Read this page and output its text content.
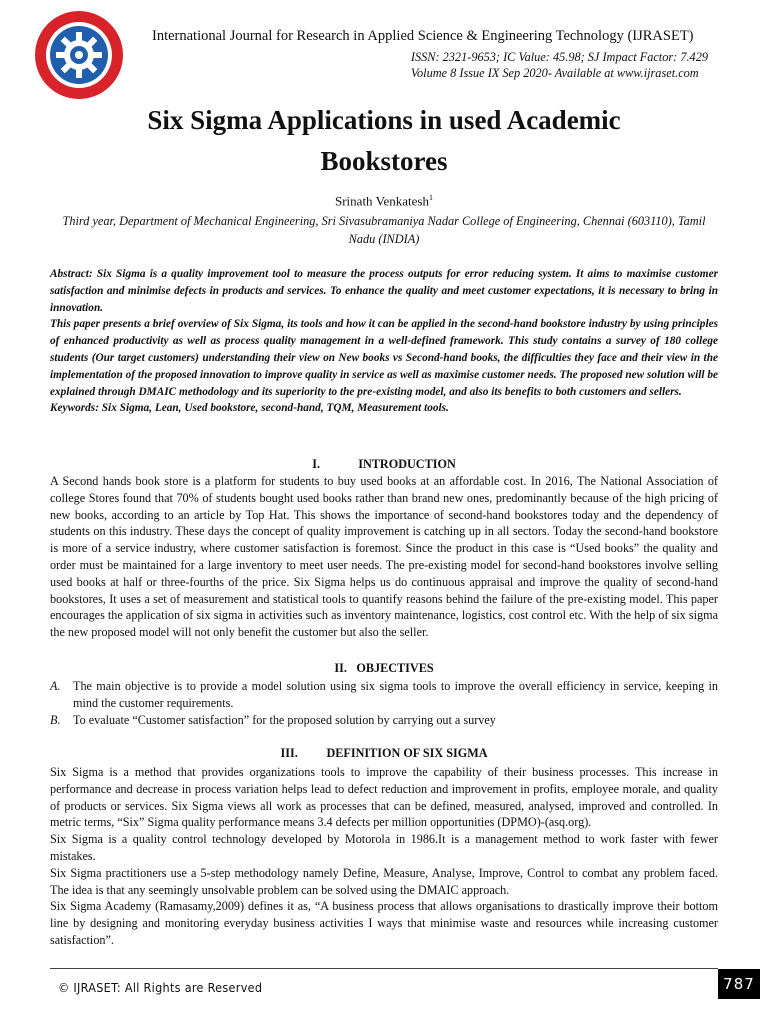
International Journal for Research in Applied Science & Engineering Technology (IJRASET)
ISSN: 2321-9653; IC Value: 45.98; SJ Impact Factor: 7.429
Volume 8 Issue IX Sep 2020- Available at www.ijraset.com
Six Sigma Applications in used Academic
Bookstores
Srinath Venkatesh$^1$
Third year, Department of Mechanical Engineering, Sri Sivasubramaniya Nadar College of Engineering, Chennai (603110), Tamil Nadu (INDIA)

Abstract: Six Sigma is a quality improvement tool to measure the process outputs for error reducing system. It aims to maximise customer satisfaction and minimise defects in products and services. To enhance the quality and meet customer expectations, it is necessary to bring in innovation.

This paper presents a brief overview of Six Sigma, its tools and how it can be applied in the second-hand bookstore industry by using principles of enhanced productivity as well as process quality management in a well-defined framework. This study contains a survey of 180 college students (Our target customers) understanding their view on New books vs Second-hand books, the difficulties they face and their view in the implementation of the proposed innovation to improve quality in service as well as maximise customer needs. The proposed new solution will be explained through DMAIC methodology and its superiority to the pre-existing model, and also its benefits to both customers and sellers.

Keywords: Six Sigma, Lean, Used bookstore, second-hand, TQM, Measurement tools.

I.	INTRODUCTION

A Second hands book store is a platform for students to buy used books at an affordable cost. In 2016, The National Association of college Stores found that 70% of students bought used books rather than brand new ones, predominantly because of the high pricing of new books, according to an article by Top Hat. This shows the importance of second-hand bookstores today and the dependency of students on this industry. These days the concept of quality improvement is catching up in all sectors. Today the second-hand bookstore is more of a service industry, where customer satisfaction is foremost. Since the product in this case is “Used books” the quality and order must be maintained for a large inventory to meet user needs. The pre-existing model for second-hand bookstores involve selling used books at half or three-fourths of the price. Six Sigma helps us do continuous appraisal and improve the quality of second-hand bookstores, It uses a set of measurement and statistical tools to quantify reasons behind the failure of the pre-existing model. This paper encourages the application of six sigma in activities such as inventory maintenance, logistics, cost control etc. With the help of six sigma the new proposed model will not only benefit the customer but also the seller.

II. OBJECTIVES
A.	The main objective is to provide a model solution using six sigma tools to improve the overall efficiency in service, keeping in mind the customer requirements.
B.	To evaluate “Customer satisfaction” for the proposed solution by carrying out a survey
III. DEFINITION OF SIX SIGMA

Six Sigma is a method that provides organizations tools to improve the capability of their business processes. This increase in performance and decrease in process variation helps lead to defect reduction and improvement in profits, employee morale, and quality of products or services. Six Sigma views all work as processes that can be defined, measured, analysed, improved and controlled. In metric terms, “Six” Sigma quality performance means 3.4 defects per million opportunities (DPMO)-(asq.org).

Six Sigma is a quality control technology developed by Motorola in 1986.It is a management method to work faster with fewer mistakes.

Six Sigma practitioners use a 5-step methodology namely Define, Measure, Analyse, Improve, Control to combat any problem faced. The idea is that any seemingly unsolvable problem can be solved using the DMAIC approach.

Six Sigma Academy (Ramasamy,2009) defines it as, “A business process that allows organisations to drastically improve their bottom line by designing and monitoring everyday business activities I ways that minimise waste and resources while increasing customer satisfaction”.

© IJRASET: All Rights are Reserved	787
